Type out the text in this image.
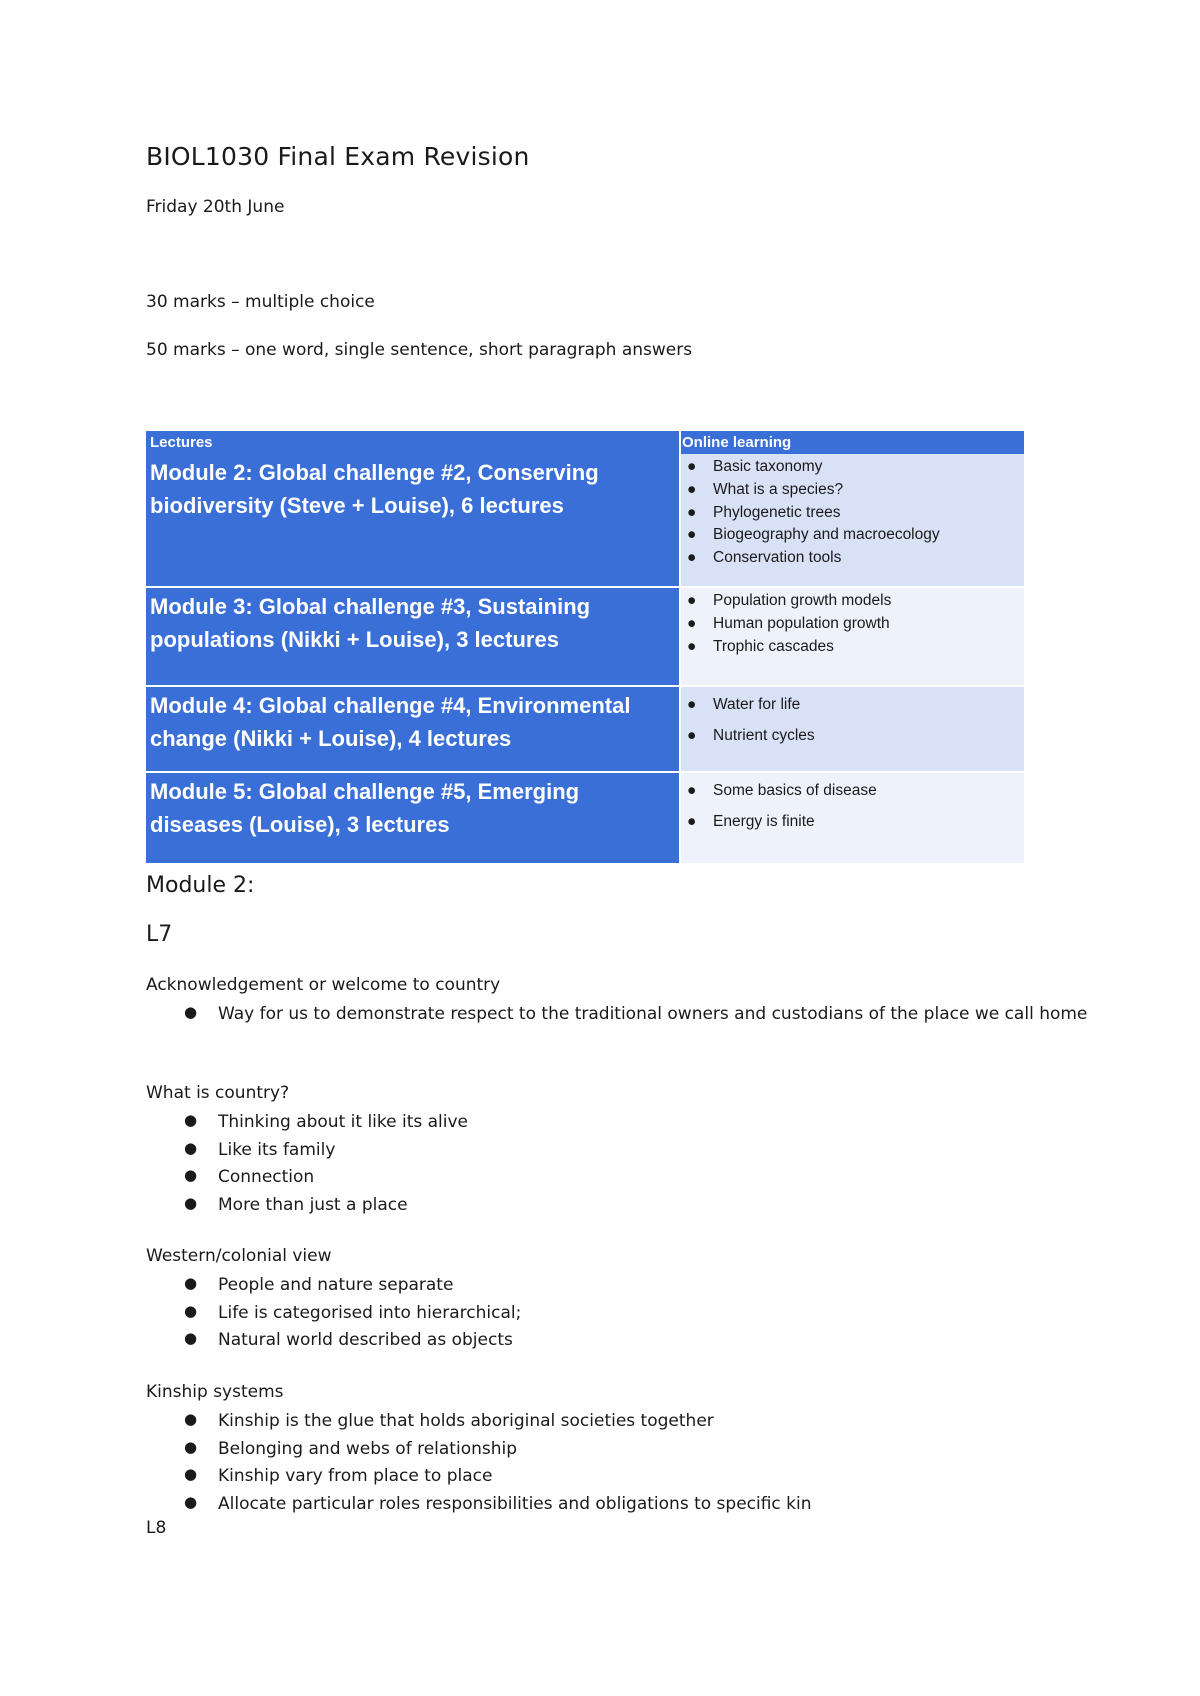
BIOL1030 Final Exam Revision
Friday 20th June
30 marks – multiple choice
50 marks – one word, single sentence, short paragraph answers
Lectures	Online learning
Module 2: Global challenge #2, Conserving biodiversity (Steve + Louise), 6 lectures
● Basic taxonomy
● What is a species?
● Phylogenetic trees
● Biogeography and macroecology
● Conservation tools
Module 3: Global challenge #3, Sustaining populations (Nikki + Louise), 3 lectures
● Population growth models
● Human population growth
● Trophic cascades
Module 4: Global challenge #4, Environmental change (Nikki + Louise), 4 lectures
● Water for life
● Nutrient cycles
Module 5: Global challenge #5, Emerging diseases (Louise), 3 lectures
● Some basics of disease
● Energy is finite
Module 2:
L7
Acknowledgement or welcome to country
● Way for us to demonstrate respect to the traditional owners and custodians of the place we call home
What is country?
● Thinking about it like its alive
● Like its family
● Connection
● More than just a place
Western/colonial view
● People and nature separate
● Life is categorised into hierarchical;
● Natural world described as objects
Kinship systems
● Kinship is the glue that holds aboriginal societies together
● Belonging and webs of relationship
● Kinship vary from place to place
● Allocate particular roles responsibilities and obligations to specific kin
L8
